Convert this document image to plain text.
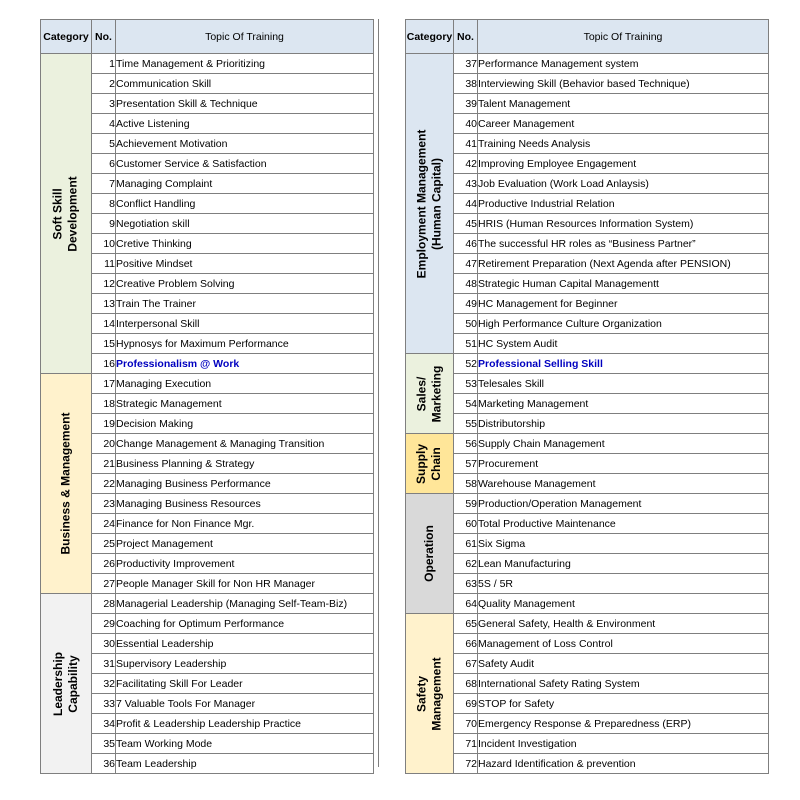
Category	No.	Topic Of Training

Soft Skill Development	1	Time Management & Prioritizing
	2	Communication Skill
	3	Presentation Skill & Technique
	4	Active Listening
	5	Achievement Motivation
	6	Customer Service & Satisfaction
	7	Managing Complaint
	8	Conflict Handling
	9	Negotiation skill
	10	Cretive Thinking
	11	Positive Mindset
	12	Creative Problem Solving
	13	Train The Trainer
	14	Interpersonal Skill
	15	Hypnosys for Maximum Performance
	16	Professionalism @ Work

Business & Management	17	Managing Execution
	18	Strategic Management
	19	Decision Making
	20	Change Management & Managing Transition
	21	Business Planning & Strategy
	22	Managing Business Performance
	23	Managing Business Resources
	24	Finance for Non Finance Mgr.
	25	Project Management
	26	Productivity Improvement
	27	People Manager Skill for Non HR Manager

Leadership Capability	28	Managerial Leadership (Managing Self-Team-Biz)
	29	Coaching for Optimum Performance
	30	Essential Leadership
	31	Supervisory Leadership
	32	Facilitating Skill For Leader
	33	7 Valuable Tools For Manager
	34	Profit & Leadership Leadership Practice
	35	Team Working Mode
	36	Team Leadership
Category	No.	Topic Of Training

Employment Management (Human Capital)	37	Performance Management system
	38	Interviewing Skill (Behavior based Technique)
	39	Talent Management
	40	Career Management
	41	Training Needs Analysis
	42	Improving Employee Engagement
	43	Job Evaluation (Work Load Anlaysis)
	44	Productive Industrial Relation
	45	HRIS (Human Resources Information System)
	46	The successful HR roles as “Business Partner”
	47	Retirement Preparation (Next Agenda after PENSION)
	48	Strategic Human Capital Managementt
	49	HC Management for Beginner
	50	High Performance Culture Organization
	51	HC System Audit

Sales/ Marketing	52	Professional Selling Skill
	53	Telesales Skill
	54	Marketing Management
	55	Distributorship

Supply Chain	56	Supply Chain Management
	57	Procurement
	58	Warehouse Management

Operation	59	Production/Operation Management
	60	Total Productive Maintenance
	61	Six Sigma
	62	Lean Manufacturing
	63	5S / 5R
	64	Quality Management

Safety Management	65	General Safety, Health & Environment
	66	Management of Loss Control
	67	Safety Audit
	68	International Safety Rating System
	69	STOP for Safety
	70	Emergency Response & Preparedness (ERP)
	71	Incident Investigation
	72	Hazard Identification & prevention
